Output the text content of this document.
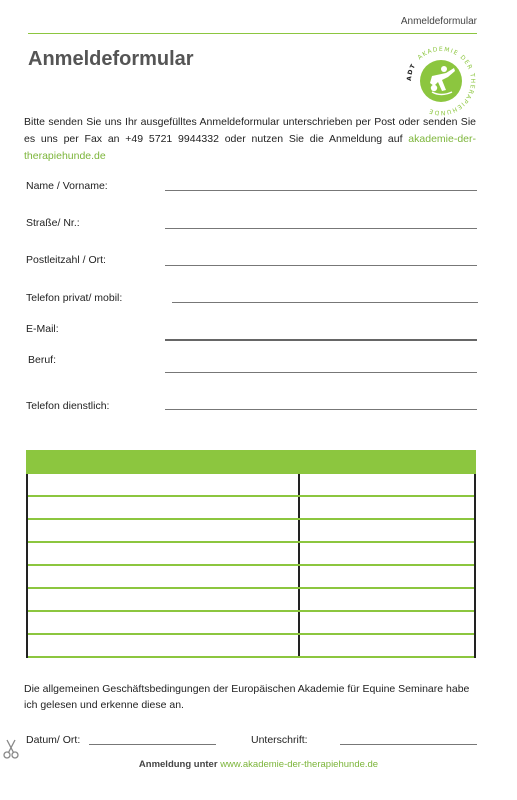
Anmeldeformular
Anmeldeformular
ADT AKADEMIE DER THERAPIEHUNDE
Bitte senden Sie uns Ihr ausgefülltes Anmeldeformular unterschrieben per Post oder senden Sie es uns per Fax an +49 5721 9944332 oder nutzen Sie die Anmeldung auf akademie-der-therapiehunde.de
Name / Vorname:
Straße/ Nr.:
Postleitzahl / Ort:
Telefon privat/ mobil:
E-Mail:
Beruf:
Telefon dienstlich:
Die allgemeinen Geschäftsbedingungen der Europäischen Akademie für Equine Seminare habe ich gelesen und erkenne diese an.
Datum/ Ort:	Unterschrift:
Anmeldung unter www.akademie-der-therapiehunde.de
